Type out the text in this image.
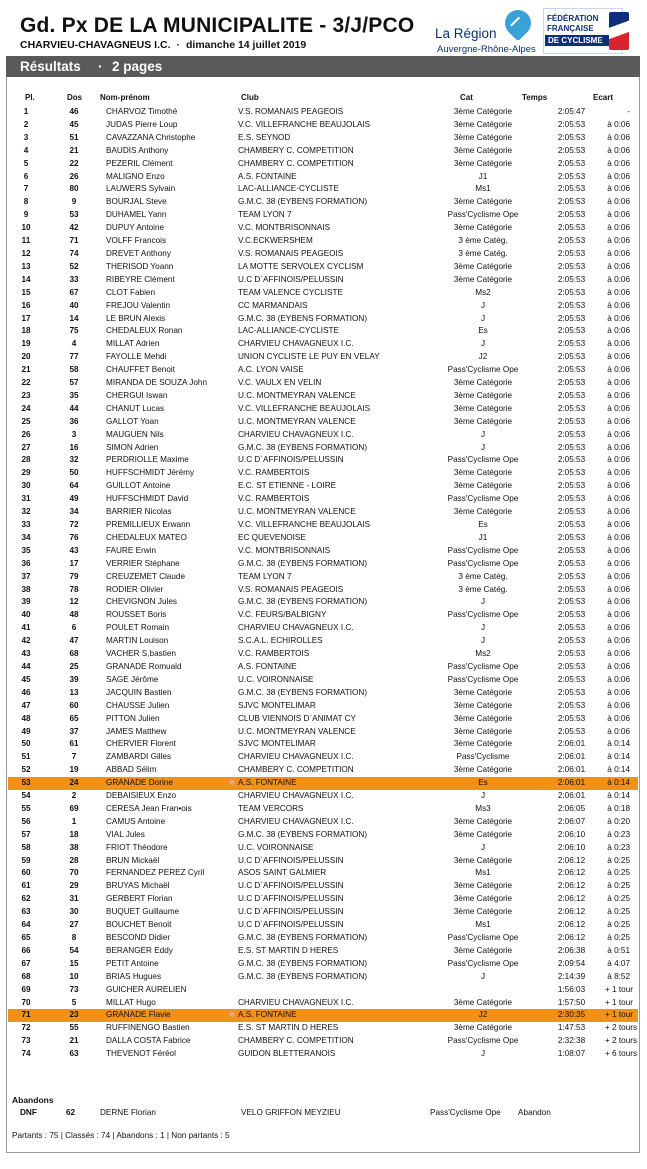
Gd. Px DE LA MUNICIPALITE - 3/J/PCO
CHARVIEU-CHAVAGNEUS I.C. · dimanche 14 juillet 2019
La Région
Auvergne-Rhône-Alpes
FÉDÉRATION
FRANÇAISE
DE CYCLISME
Résultats · 2 pages
Pl.	Dos Nom-prénom	Club	Cat	Temps	Ecart
1	46	CHARVOZ Timothé		V.S. ROMANAIS PEAGEOIS	3ème Catégorie	2:05:47	-
2	45	JUDAS Pierre Loup		V.C. VILLEFRANCHE BEAUJOLAIS	3ème Catégorie	2:05:53	à 0:06
3	51	CAVAZZANA Christophe		E.S. SEYNOD	3ème Catégorie	2:05:53	à 0:06
4	21	BAUDIS Anthony		CHAMBERY C. COMPETITION	3ème Catégorie	2:05:53	à 0:06
5	22	PEZERIL Clément		CHAMBERY C. COMPETITION	3ème Catégorie	2:05:53	à 0:06
6	26	MALIGNO Enzo		A.S. FONTAINE	J1	2:05:53	à 0:06
7	80	LAUWERS Sylvain		LAC-ALLIANCE-CYCLISTE	Ms1	2:05:53	à 0:06
8	9	BOURJAL Steve		G.M.C. 38 (EYBENS FORMATION)	3ème Catégorie	2:05:53	à 0:06
9	53	DUHAMEL Yann		TEAM LYON 7	Pass'Cyclisme Ope	2:05:53	à 0:06
10	42	DUPUY Antoine		V.C. MONTBRISONNAIS	3ème Catégorie	2:05:53	à 0:06
11	71	VOLFF Francois		V.C.ECKWERSHEM	3 ème Catég.	2:05:53	à 0:06
12	74	DREVET Anthony		V.S. ROMANAIS PEAGEOIS	3 ème Catég.	2:05:53	à 0:06
13	52	THERISOD Yoann		LA MOTTE SERVOLEX CYCLISM	3ème Catégorie	2:05:53	à 0:06
14	33	RIBEYRE Clément		U.C D`AFFINOIS/PELUSSIN	3ème Catégorie	2:05:53	à 0:06
15	67	CLOT Fabien		TEAM VALENCE CYCLISTE	Ms2	2:05:53	à 0:06
16	40	FREJOU Valentin		CC MARMANDAIS	J	2:05:53	à 0:06
17	14	LE BRUN Alexis		G.M.C. 38 (EYBENS FORMATION)	J	2:05:53	à 0:06
18	75	CHEDALEUX Ronan		LAC-ALLIANCE-CYCLISTE	Es	2:05:53	à 0:06
19	4	MILLAT Adrien		CHARVIEU CHAVAGNEUX I.C.	J	2:05:53	à 0:06
20	77	FAYOLLE Mehdi		UNION CYCLISTE LE PUY EN VELAY	J2	2:05:53	à 0:06
21	58	CHAUFFET Benoit		A.C. LYON VAISE	Pass'Cyclisme Ope	2:05:53	à 0:06
22	57	MIRANDA DE SOUZA John		V.C. VAULX EN VELIN	3ème Catégorie	2:05:53	à 0:06
23	35	CHERGUI Iswan		U.C. MONTMEYRAN VALENCE	3ème Catégorie	2:05:53	à 0:06
24	44	CHANUT Lucas		V.C. VILLEFRANCHE BEAUJOLAIS	3ème Catégorie	2:05:53	à 0:06
25	36	GALLOT Yoan		U.C. MONTMEYRAN VALENCE	3ème Catégorie	2:05:53	à 0:06
26	3	MAUGUEN Nils		CHARVIEU CHAVAGNEUX I.C.	J	2:05:53	à 0:06
27	16	SIMON Adrien		G.M.C. 38 (EYBENS FORMATION)	J	2:05:53	à 0:06
28	32	PERDRIOLLE Maxime		U.C D`AFFINOIS/PELUSSIN	Pass'Cyclisme Ope	2:05:53	à 0:06
29	50	HUFFSCHMIDT Jérémy		V.C. RAMBERTOIS	3ème Catégorie	2:05:53	à 0:06
30	64	GUILLOT Antoine		E.C. ST ETIENNE - LOIRE	3ème Catégorie	2:05:53	à 0:06
31	49	HUFFSCHMIDT David		V.C. RAMBERTOIS	Pass'Cyclisme Ope	2:05:53	à 0:06
32	34	BARRIER Nicolas		U.C. MONTMEYRAN VALENCE	3ème Catégorie	2:05:53	à 0:06
33	72	PREMILLIEUX Erwann		V.C. VILLEFRANCHE BEAUJOLAIS	Es	2:05:53	à 0:06
34	76	CHEDALEUX MATEO		EC QUEVENOISE	J1	2:05:53	à 0:06
35	43	FAURE Erwin		V.C. MONTBRISONNAIS	Pass'Cyclisme Ope	2:05:53	à 0:06
36	17	VERRIER Stéphane		G.M.C. 38 (EYBENS FORMATION)	Pass'Cyclisme Ope	2:05:53	à 0:06
37	79	CREUZEMET Claude		TEAM LYON 7	3 ème Catég.	2:05:53	à 0:06
38	78	RODIER Olivier		V.S. ROMANAIS PEAGEOIS	3 ème Catég.	2:05:53	à 0:06
39	12	CHEVIGNON Jules		G.M.C. 38 (EYBENS FORMATION)	J	2:05:53	à 0:06
40	48	ROUSSET Boris		V.C. FEURS/BALBIGNY	Pass'Cyclisme Ope	2:05:53	à 0:06
41	6	POULET Romain		CHARVIEU CHAVAGNEUX I.C.	J	2:05:53	à 0:06
42	47	MARTIN Louison		S.C.A.L. ECHIROLLES	J	2:05:53	à 0:06
43	68	VACHER S,bastien		V.C. RAMBERTOIS	Ms2	2:05:53	à 0:06
44	25	GRANADE Romuald		A.S. FONTAINE	Pass'Cyclisme Ope	2:05:53	à 0:06
45	39	SAGE Jérôme		U.C. VOIRONNAISE	Pass'Cyclisme Ope	2:05:53	à 0:06
46	13	JACQUIN Bastien		G.M.C. 38 (EYBENS FORMATION)	3ème Catégorie	2:05:53	à 0:06
47	60	CHAUSSE Julien		SJVC MONTELIMAR	3ème Catégorie	2:05:53	à 0:06
48	65	PITTON Julien		CLUB VIENNOIS D`ANIMAT CY	3ème Catégorie	2:05:53	à 0:06
49	37	JAMES Matthew		U.C. MONTMEYRAN VALENCE	3ème Catégorie	2:05:53	à 0:06
50	61	CHERVIER Florent		SJVC MONTELIMAR	3ème Catégorie	2:06:01	à 0:14
51	7	ZAMBARDI Gilles		CHARVIEU CHAVAGNEUX I.C.	Pass'Cyclisme	2:06:01	à 0:14
52	19	ABBAD Sélim		CHAMBERY C. COMPETITION	3ème Catégorie	2:06:01	à 0:14
53	24	GRANADE Dorine	✳	A.S. FONTAINE	Es	2:06:01	à 0:14
54	2	DEBAISIEUX Enzo		CHARVIEU CHAVAGNEUX I.C.	J	2:06:01	à 0:14
55	69	CERESA Jean Fran•ois		TEAM VERCORS	Ms3	2:06:05	à 0:18
56	1	CAMUS Antoine		CHARVIEU CHAVAGNEUX I.C.	3ème Catégorie	2:06:07	à 0:20
57	18	VIAL Jules		G.M.C. 38 (EYBENS FORMATION)	3ème Catégorie	2:06:10	à 0:23
58	38	FRIOT Théodore		U.C. VOIRONNAISE	J	2:06:10	à 0:23
59	28	BRUN Mickaël		U.C D`AFFINOIS/PELUSSIN	3ème Catégorie	2:06:12	à 0:25
60	70	FERNANDEZ PEREZ Cyril		ASOS SAINT GALMIER	Ms1	2:06:12	à 0:25
61	29	BRUYAS Michaël		U.C D`AFFINOIS/PELUSSIN	3ème Catégorie	2:06:12	à 0:25
62	31	GERBERT Florian		U.C D`AFFINOIS/PELUSSIN	3ème Catégorie	2:06:12	à 0:25
63	30	BUQUET Guillaume		U.C D`AFFINOIS/PELUSSIN	3ème Catégorie	2:06:12	à 0:25
64	27	BOUCHET Benoit		U.C D`AFFINOIS/PELUSSIN	Ms1	2:06:12	à 0:25
65	8	BESCOND Didier		G.M.C. 38 (EYBENS FORMATION)	Pass'Cyclisme Ope	2:06:12	à 0:25
66	54	BERANGER Eddy		E.S. ST MARTIN D HERES	3ème Catégorie	2:06:38	à 0:51
67	15	PETIT Antoine		G.M.C. 38 (EYBENS FORMATION)	Pass'Cyclisme Ope	2:09:54	à 4:07
68	10	BRIAS Hugues		G.M.C. 38 (EYBENS FORMATION)	J	2:14:39	à 8:52
69	73	GUICHER AURELIEN				1:56:03	+ 1 tour
70	5	MILLAT Hugo		CHARVIEU CHAVAGNEUX I.C.	3ème Catégorie	1:57:50	+ 1 tour
71	23	GRANADE Flavie	✳	A.S. FONTAINE	J2	2:30:35	+ 1 tour
72	55	RUFFINENGO Bastien		E.S. ST MARTIN D HERES	3ème Catégorie	1:47:53	+ 2 tours
73	21	DALLA COSTA Fabrice		CHAMBERY C. COMPETITION	Pass'Cyclisme Ope	2:32:38	+ 2 tours
74	63	THEVENOT Féréol		GUIDON BLETTERANOIS	J	1:08:07	+ 6 tours
Abandons
DNF	62	DERNE Florian	VELO GRIFFON MEYZIEU	Pass'Cyclisme Ope Abandon
Partants : 75 | Classés : 74 | Abandons : 1 | Non partants : 5
